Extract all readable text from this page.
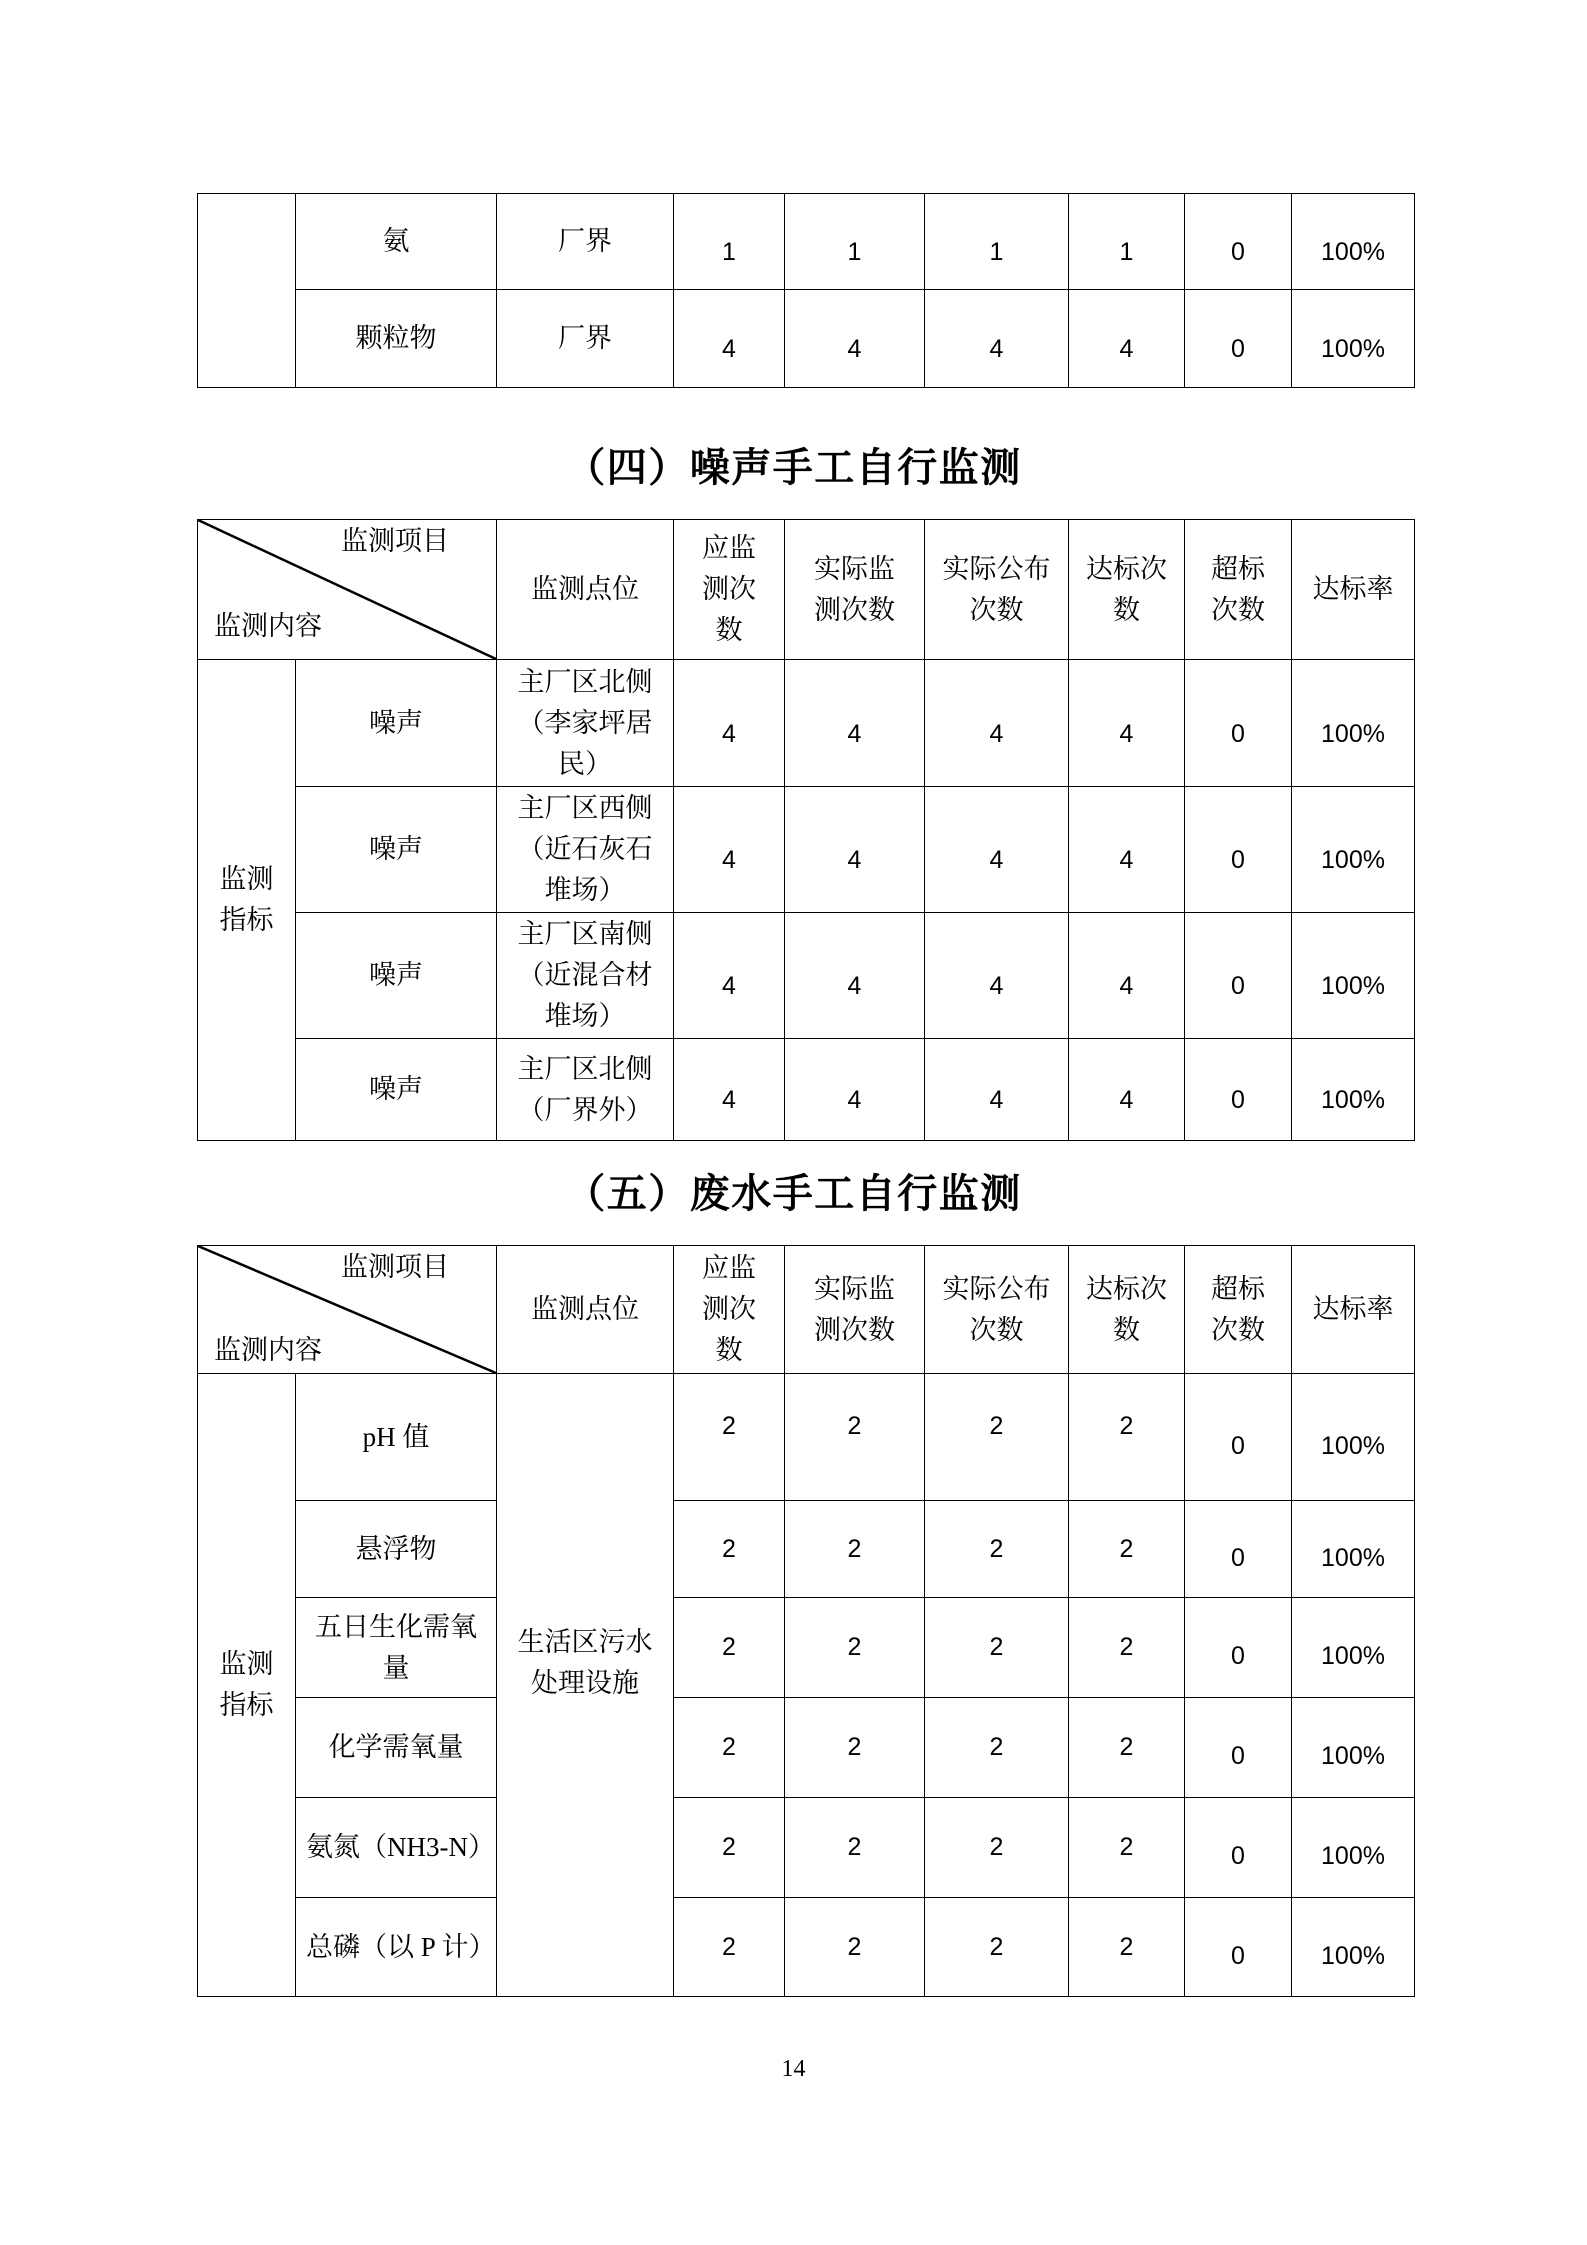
	氨	厂界	1	1	1	1	0	100%
	颗粒物	厂界	4	4	4	4	0	100%
（四）噪声手工自行监测
监测项目
监测内容		监测点位	应监测次数	实际监测次数	实际公布次数	达标次数	超标次数	达标率
监测指标	噪声	主厂区北侧（李家坪居民）	4	4	4	4	0	100%
	噪声	主厂区西侧（近石灰石堆场）	4	4	4	4	0	100%
	噪声	主厂区南侧（近混合材堆场）	4	4	4	4	0	100%
	噪声	主厂区北侧（厂界外）	4	4	4	4	0	100%
（五）废水手工自行监测
监测项目
监测内容		监测点位	应监测次数	实际监测次数	实际公布次数	达标次数	超标次数	达标率
监测指标	pH 值	生活区污水处理设施	2	2	2	2	0	100%
	悬浮物		2	2	2	2	0	100%
	五日生化需氧量		2	2	2	2	0	100%
	化学需氧量		2	2	2	2	0	100%
	氨氮（NH3-N）		2	2	2	2	0	100%
	总磷（以 P 计）		2	2	2	2	0	100%
14
